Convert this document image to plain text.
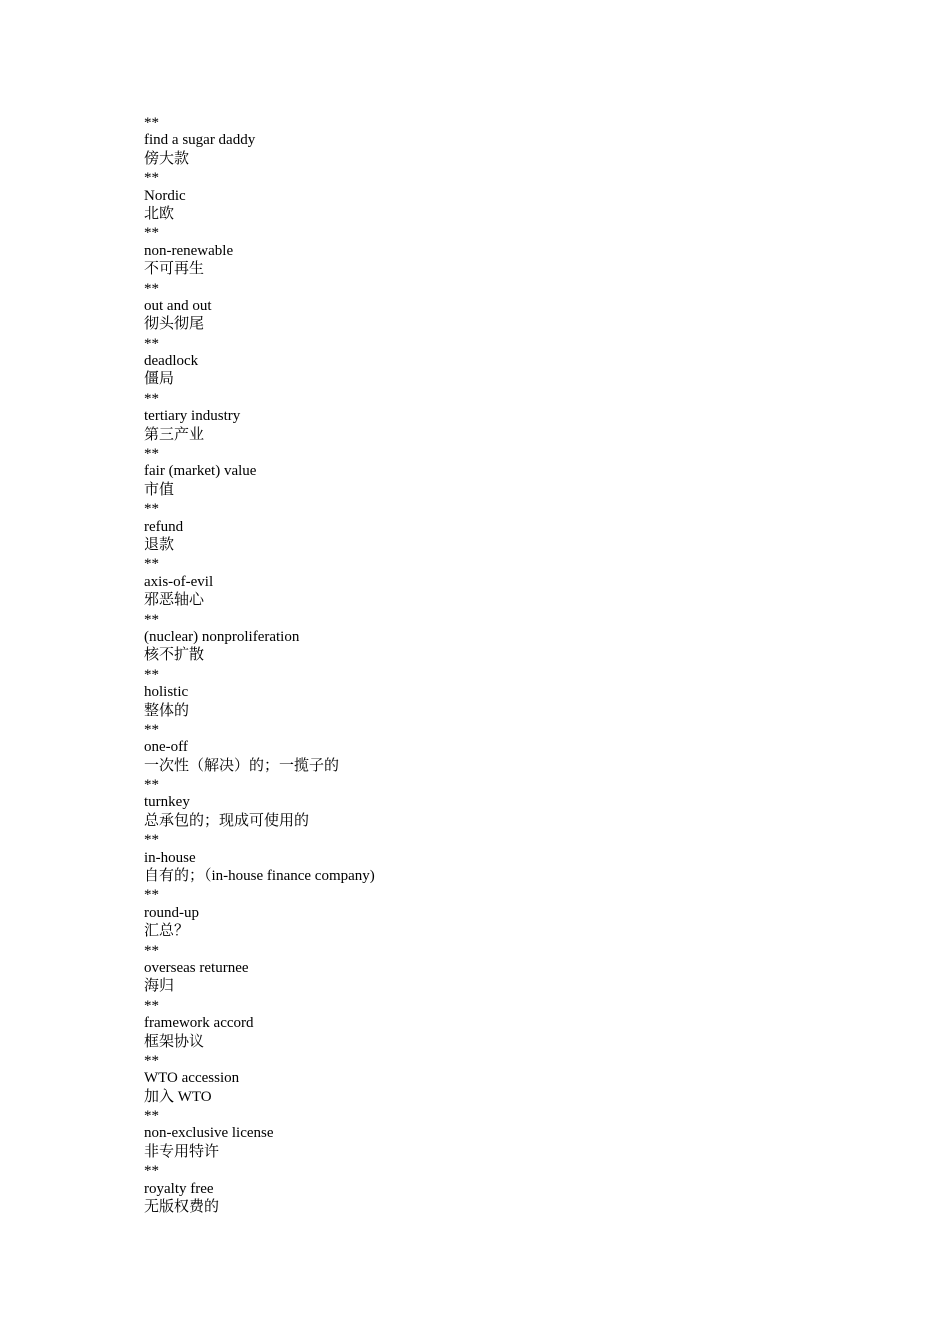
**
find a sugar daddy
傍大款
**
Nordic
北欧
**
non-renewable
不可再生
**
out and out
彻头彻尾
**
deadlock
僵局
**
tertiary industry
第三产业
**
fair (market) value
市值
**
refund
退款
**
axis-of-evil
邪恶轴心
**
(nuclear) nonproliferation
核不扩散
**
holistic
整体的
**
one-off
一次性（解决）的；一揽子的
**
turnkey
总承包的；现成可使用的
**
in-house
自有的；（in-house finance company)
**
round-up
汇总？
**
overseas returnee
海归
**
framework accord
框架协议
**
WTO accession
加入 WTO
**
non-exclusive license
非专用特许
**
royalty free
无版权费的
